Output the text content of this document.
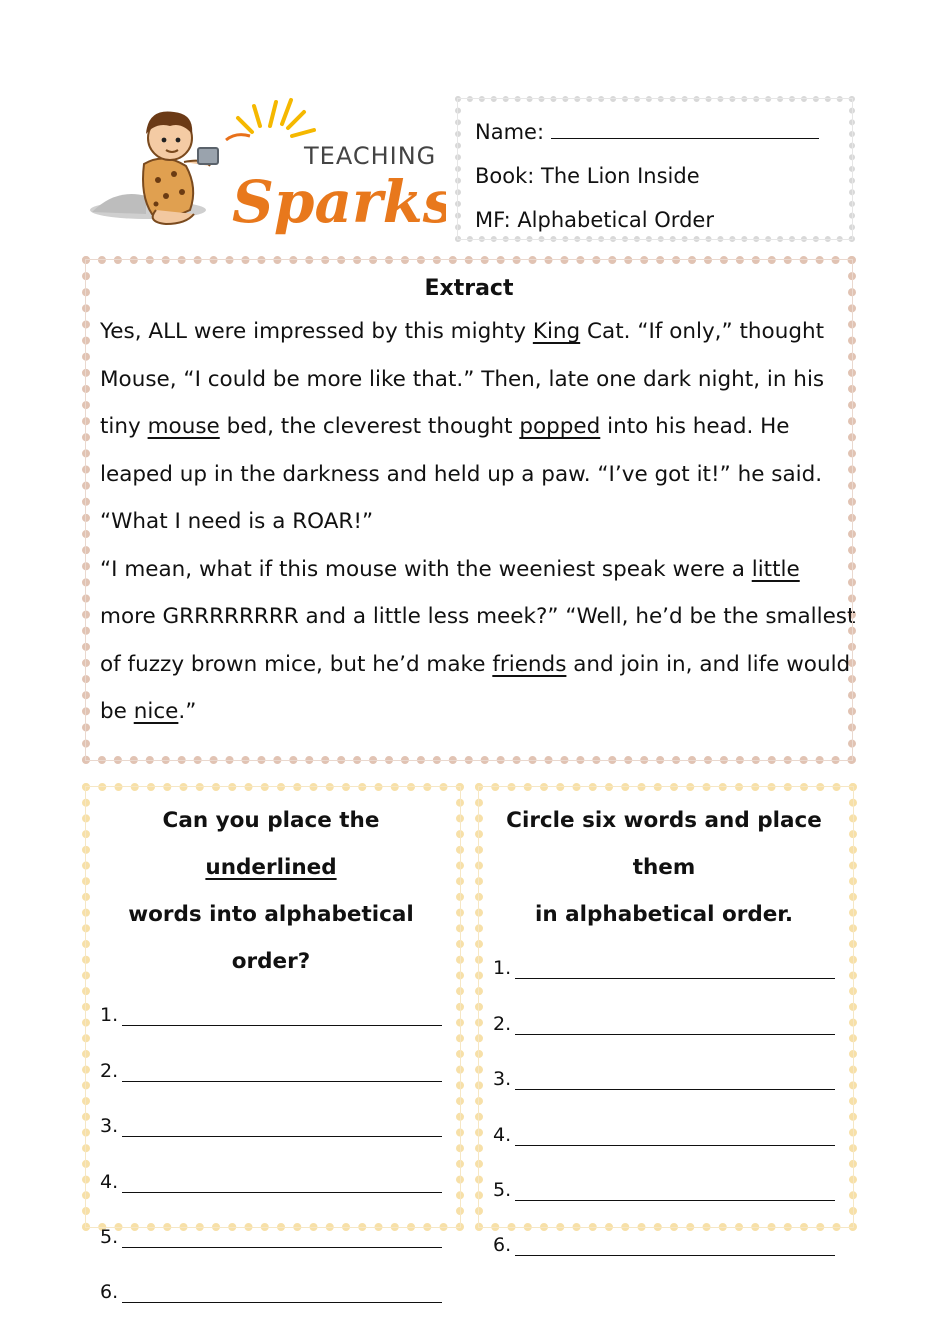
TEACHING
Sparks
Name:
Book: The Lion Inside
MF: Alphabetical Order
Extract

Yes, ALL were impressed by this mighty King Cat. “If only,” thought

Mouse, “I could be more like that.” Then, late one dark night, in his

tiny mouse bed, the cleverest thought popped into his head. He

leaped up in the darkness and held up a paw. “I’ve got it!” he said.

“What I need is a ROAR!”

“I mean, what if this mouse with the weeniest speak were a little

more GRRRRRRRR and a little less meek?” “Well, he’d be the smallest

of fuzzy brown mice, but he’d make friends and join in, and life would

be nice.”

Can you place the underlined
words into alphabetical order?
1.
2.
3.
4.
5.
6.
Circle six words and place them
in alphabetical order.
1.
2.
3.
4.
5.
6.
